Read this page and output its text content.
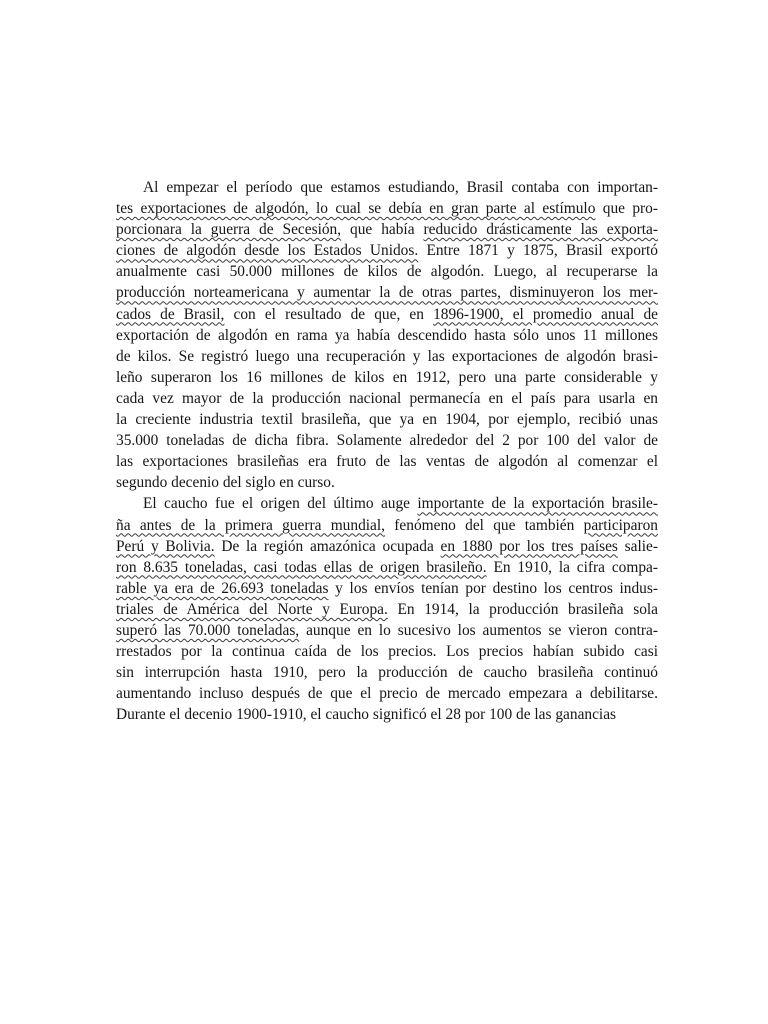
Al empezar el período que estamos estudiando, Brasil contaba con importan-
tes exportaciones de algodón, lo cual se debía en gran parte al estímulo que pro-
porcionara la guerra de Secesión, que había reducido drásticamente las exporta-
ciones de algodón desde los Estados Unidos. Entre 1871 y 1875, Brasil exportó
anualmente casi 50.000 millones de kilos de algodón. Luego, al recuperarse la
producción norteamericana y aumentar la de otras partes, disminuyeron los mer-
cados de Brasil, con el resultado de que, en 1896-1900, el promedio anual de
exportación de algodón en rama ya había descendido hasta sólo unos 11 millones
de kilos. Se registró luego una recuperación y las exportaciones de algodón brasi-
leño superaron los 16 millones de kilos en 1912, pero una parte considerable y
cada vez mayor de la producción nacional permanecía en el país para usarla en
la creciente industria textil brasileña, que ya en 1904, por ejemplo, recibió unas
35.000 toneladas de dicha fibra. Solamente alrededor del 2 por 100 del valor de
las exportaciones brasileñas era fruto de las ventas de algodón al comenzar el
segundo decenio del siglo en curso.
El caucho fue el origen del último auge importante de la exportación brasile-
ña antes de la primera guerra mundial, fenómeno del que también participaron
Perú y Bolivia. De la región amazónica ocupada en 1880 por los tres países salie-
ron 8.635 toneladas, casi todas ellas de origen brasileño. En 1910, la cifra compa-
rable ya era de 26.693 toneladas y los envíos tenían por destino los centros indus-
triales de América del Norte y Europa. En 1914, la producción brasileña sola
superó las 70.000 toneladas, aunque en lo sucesivo los aumentos se vieron contra-
rrestados por la continua caída de los precios. Los precios habían subido casi
sin interrupción hasta 1910, pero la producción de caucho brasileña continuó
aumentando incluso después de que el precio de mercado empezara a debilitarse.
Durante el decenio 1900-1910, el caucho significó el 28 por 100 de las ganancias
